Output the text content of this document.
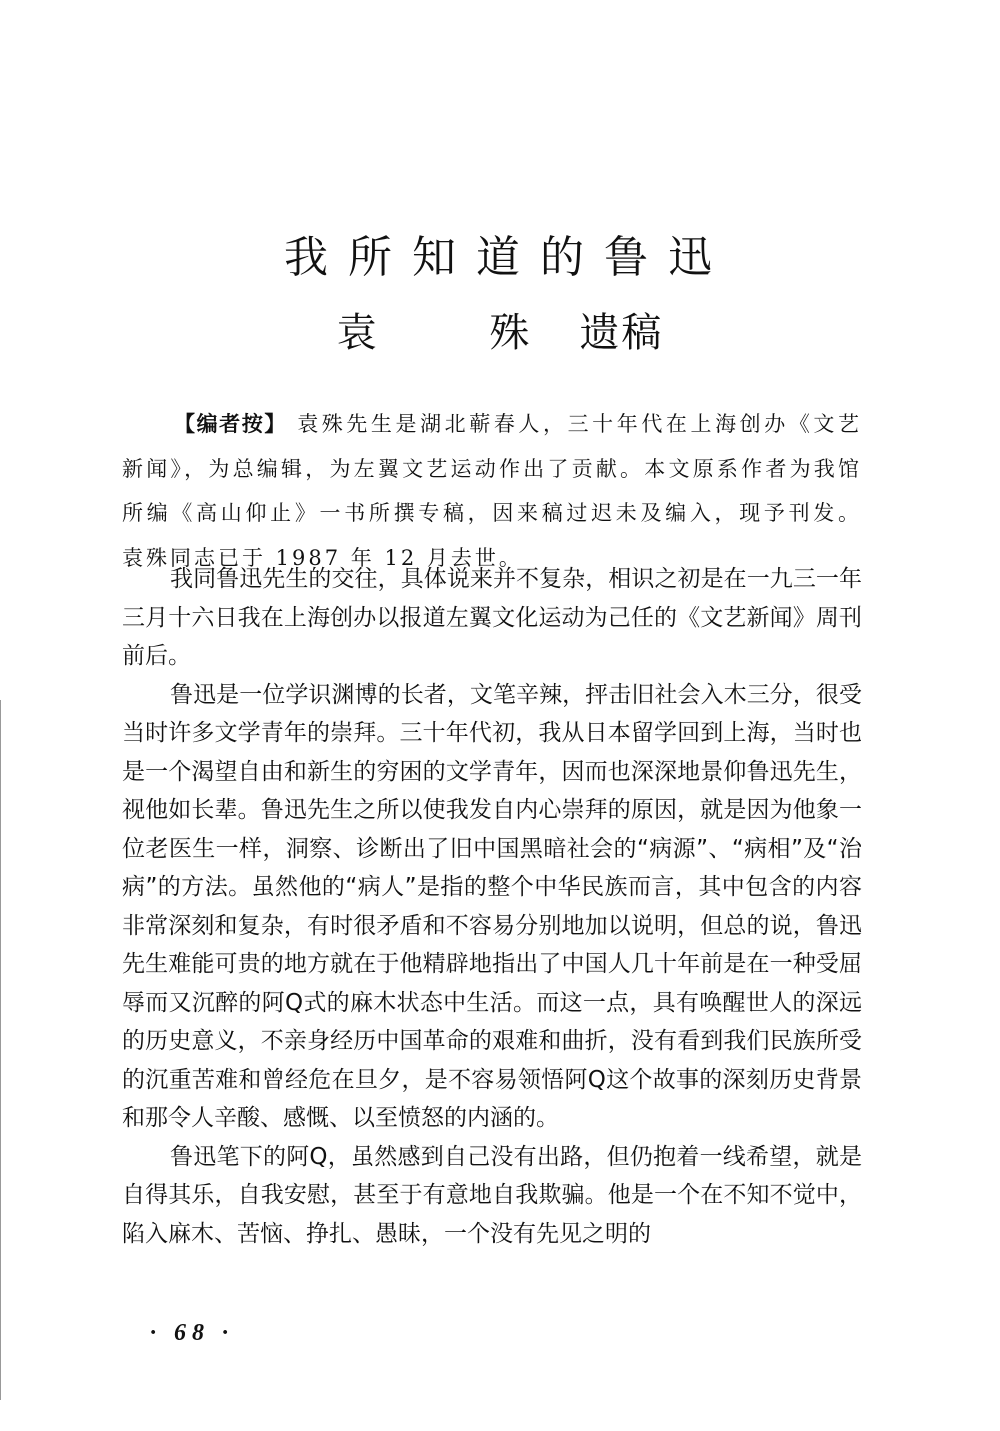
我所知道的鲁迅
袁 殊遗稿
【编者按】 袁殊先生是湖北蕲春人，三十年代在上海创办《文艺新闻》，为总编辑，为左翼文艺运动作出了贡献。本文原系作者为我馆所编《高山仰止》一书所撰专稿，因来稿过迟未及编入，现予刊发。袁殊同志已于 1987 年 12 月去世。

我同鲁迅先生的交往，具体说来并不复杂，相识之初是在一九三一年三月十六日我在上海创办以报道左翼文化运动为己任的《文艺新闻》周刊前后。

鲁迅是一位学识渊博的长者，文笔辛辣，抨击旧社会入木三分，很受当时许多文学青年的崇拜。三十年代初，我从日本留学回到上海，当时也是一个渴望自由和新生的穷困的文学青年，因而也深深地景仰鲁迅先生，视他如长辈。鲁迅先生之所以使我发自内心崇拜的原因，就是因为他象一位老医生一样，洞察、诊断出了旧中国黑暗社会的“病源”、“病相”及“治病”的方法。虽然他的“病人”是指的整个中华民族而言，其中包含的内容非常深刻和复杂，有时很矛盾和不容易分别地加以说明，但总的说，鲁迅先生难能可贵的地方就在于他精辟地指出了中国人几十年前是在一种受屈辱而又沉醉的阿Q式的麻木状态中生活。而这一点，具有唤醒世人的深远的历史意义，不亲身经历中国革命的艰难和曲折，没有看到我们民族所受的沉重苦难和曾经危在旦夕，是不容易领悟阿Q这个故事的深刻历史背景和那令人辛酸、感慨、以至愤怒的内涵的。

鲁迅笔下的阿Q，虽然感到自己没有出路，但仍抱着一线希望，就是自得其乐，自我安慰，甚至于有意地自我欺骗。他是一个在不知不觉中，陷入麻木、苦恼、挣扎、愚昧，一个没有先见之明的

· 68 ·
